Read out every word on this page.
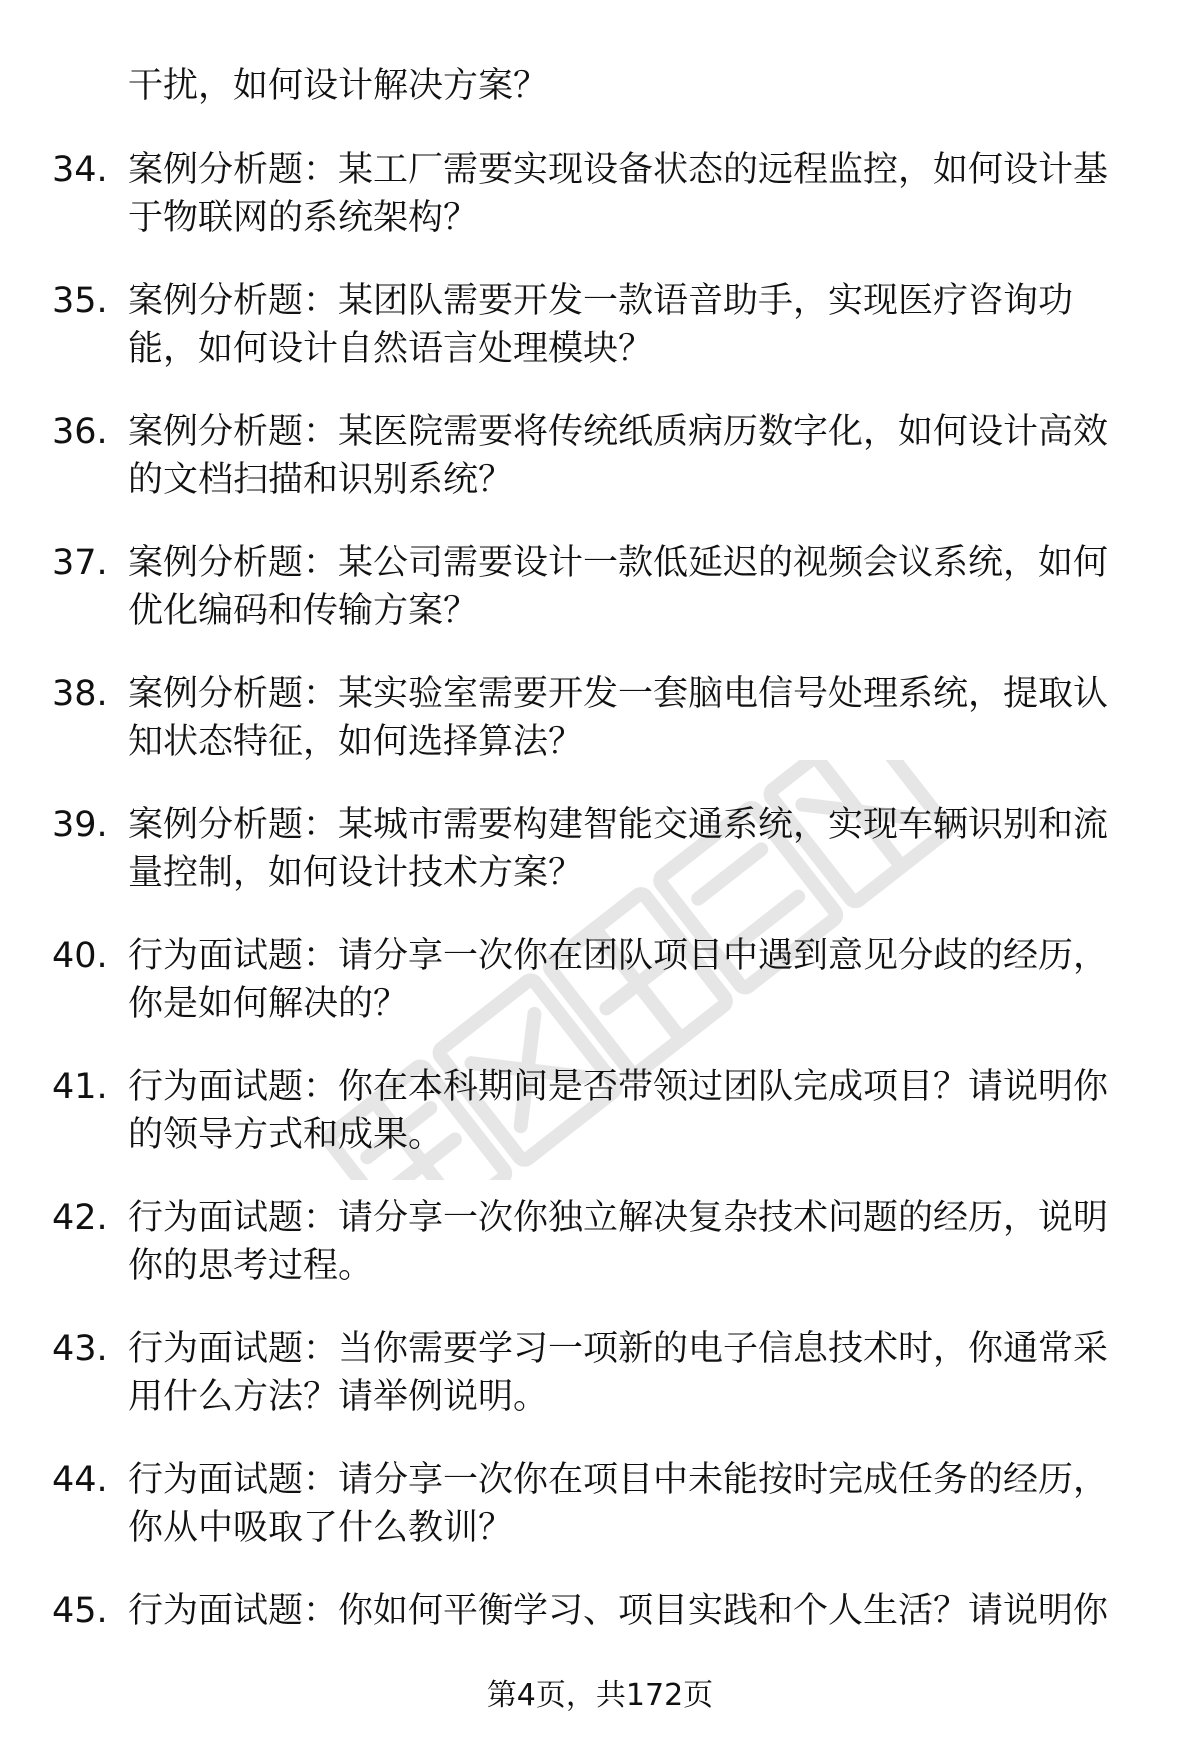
干扰，如何设计解决方案？
34. 案例分析题：某工厂需要实现设备状态的远程监控，如何设计基
于物联网的系统架构？
35. 案例分析题：某团队需要开发一款语音助手，实现医疗咨询功
能，如何设计自然语言处理模块？
36. 案例分析题：某医院需要将传统纸质病历数字化，如何设计高效
的文档扫描和识别系统？
37. 案例分析题：某公司需要设计一款低延迟的视频会议系统，如何
优化编码和传输方案？
38. 案例分析题：某实验室需要开发一套脑电信号处理系统，提取认
知状态特征，如何选择算法？
39. 案例分析题：某城市需要构建智能交通系统，实现车辆识别和流
量控制，如何设计技术方案？
40. 行为面试题：请分享一次你在团队项目中遇到意见分歧的经历，
你是如何解决的？
41. 行为面试题：你在本科期间是否带领过团队完成项目？请说明你
的领导方式和成果。
42. 行为面试题：请分享一次你独立解决复杂技术问题的经历，说明
你的思考过程。
43. 行为面试题：当你需要学习一项新的电子信息技术时，你通常采
用什么方法？请举例说明。
44. 行为面试题：请分享一次你在项目中未能按时完成任务的经历，
你从中吸取了什么教训？
45. 行为面试题：你如何平衡学习、项目实践和个人生活？请说明你
第4页，共172页
